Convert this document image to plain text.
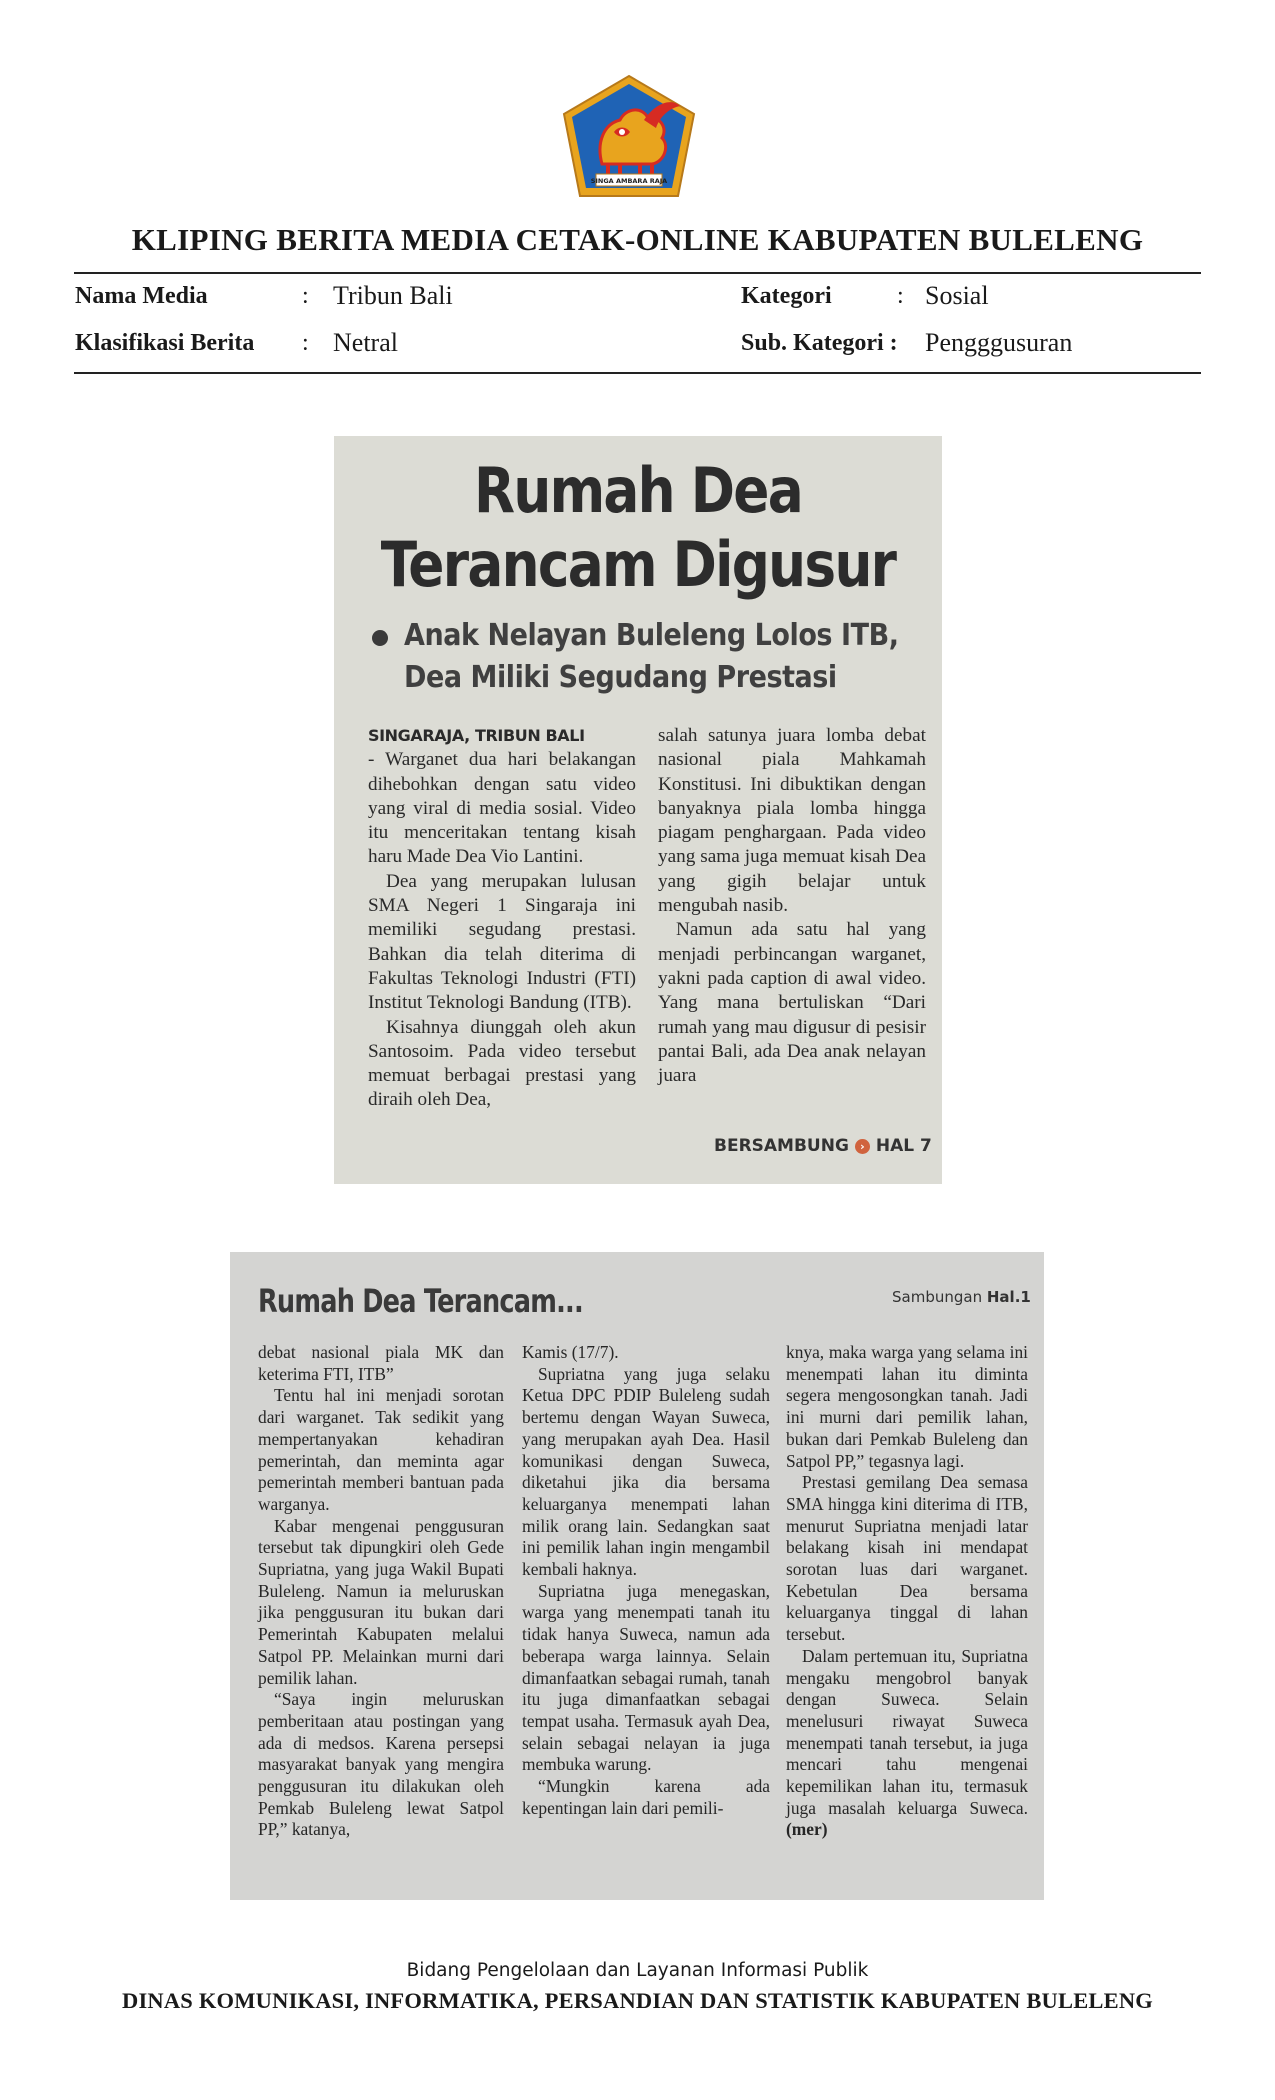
SINGA AMBARA RAJA
KLIPING BERITA MEDIA CETAK-ONLINE KABUPATEN BULELENG
Nama Media	: Tribun Bali	Kategori	: Sosial
Klasifikasi Berita : Netral	Sub. Kategori : Pengggusuran
Rumah Dea
Terancam Digusur
Anak Nelayan Buleleng Lolos ITB,
Dea Miliki Segudang Prestasi

SINGARAJA, TRIBUN BALI

- Warganet dua hari belakangan dihebohkan dengan satu video yang viral di media sosial. Video itu menceritakan tentang kisah haru Made Dea Vio Lantini.

Dea yang merupakan lulusan SMA Negeri 1 Singaraja ini memiliki segudang prestasi. Bahkan dia telah diterima di Fakultas Teknologi Industri (FTI) Institut Teknologi Bandung (ITB).

Kisahnya diunggah oleh akun Santosoim. Pada video tersebut memuat berbagai prestasi yang diraih oleh Dea,

salah satunya juara lomba debat nasional piala Mahkamah Konstitusi. Ini dibuktikan dengan banyaknya piala lomba hingga piagam penghargaan. Pada video yang sama juga memuat kisah Dea yang gigih belajar untuk mengubah nasib.

Namun ada satu hal yang menjadi perbincangan warganet, yakni pada caption di awal video. Yang mana bertuliskan “Dari rumah yang mau digusur di pesisir pantai Bali, ada Dea anak nelayan juara

BERSAMBUNG › HAL 7
Rumah Dea Terancam...	Sambungan Hal.1

debat nasional piala MK dan keterima FTI, ITB”

Tentu hal ini menjadi sorotan dari warganet. Tak sedikit yang mempertanyakan kehadiran pemerintah, dan meminta agar pemerintah memberi bantuan pada warganya.

Kabar mengenai penggusuran tersebut tak dipungkiri oleh Gede Supriatna, yang juga Wakil Bupati Buleleng. Namun ia meluruskan jika penggusuran itu bukan dari Pemerintah Kabupaten melalui Satpol PP. Melainkan murni dari pemilik lahan.

“Saya ingin meluruskan pemberitaan atau postingan yang ada di medsos. Karena persepsi masyarakat banyak yang mengira penggusuran itu dilakukan oleh Pemkab Buleleng lewat Satpol PP,” katanya,

Kamis (17/7).

Supriatna yang juga selaku Ketua DPC PDIP Buleleng sudah bertemu dengan Wayan Suweca, yang merupakan ayah Dea. Hasil komunikasi dengan Suweca, diketahui jika dia bersama keluarganya menempati lahan milik orang lain. Sedangkan saat ini pemilik lahan ingin mengambil kembali haknya.

Supriatna juga menegaskan, warga yang menempati tanah itu tidak hanya Suweca, namun ada beberapa warga lainnya. Selain dimanfaatkan sebagai rumah, tanah itu juga dimanfaatkan sebagai tempat usaha. Termasuk ayah Dea, selain sebagai nelayan ia juga membuka warung.

“Mungkin karena ada kepentingan lain dari pemili-

knya, maka warga yang selama ini menempati lahan itu diminta segera mengosongkan tanah. Jadi ini murni dari pemilik lahan, bukan dari Pemkab Buleleng dan Satpol PP,” tegasnya lagi.

Prestasi gemilang Dea semasa SMA hingga kini diterima di ITB, menurut Supriatna menjadi latar belakang kisah ini mendapat sorotan luas dari warganet. Kebetulan Dea bersama keluarganya tinggal di lahan tersebut.

Dalam pertemuan itu, Supriatna mengaku mengobrol banyak dengan Suweca. Selain menelusuri riwayat Suweca menempati tanah tersebut, ia juga mencari tahu mengenai kepemilikan lahan itu, termasuk juga masalah keluarga Suweca. (mer)

Bidang Pengelolaan dan Layanan Informasi Publik
DINAS KOMUNIKASI, INFORMATIKA, PERSANDIAN DAN STATISTIK KABUPATEN BULELENG
